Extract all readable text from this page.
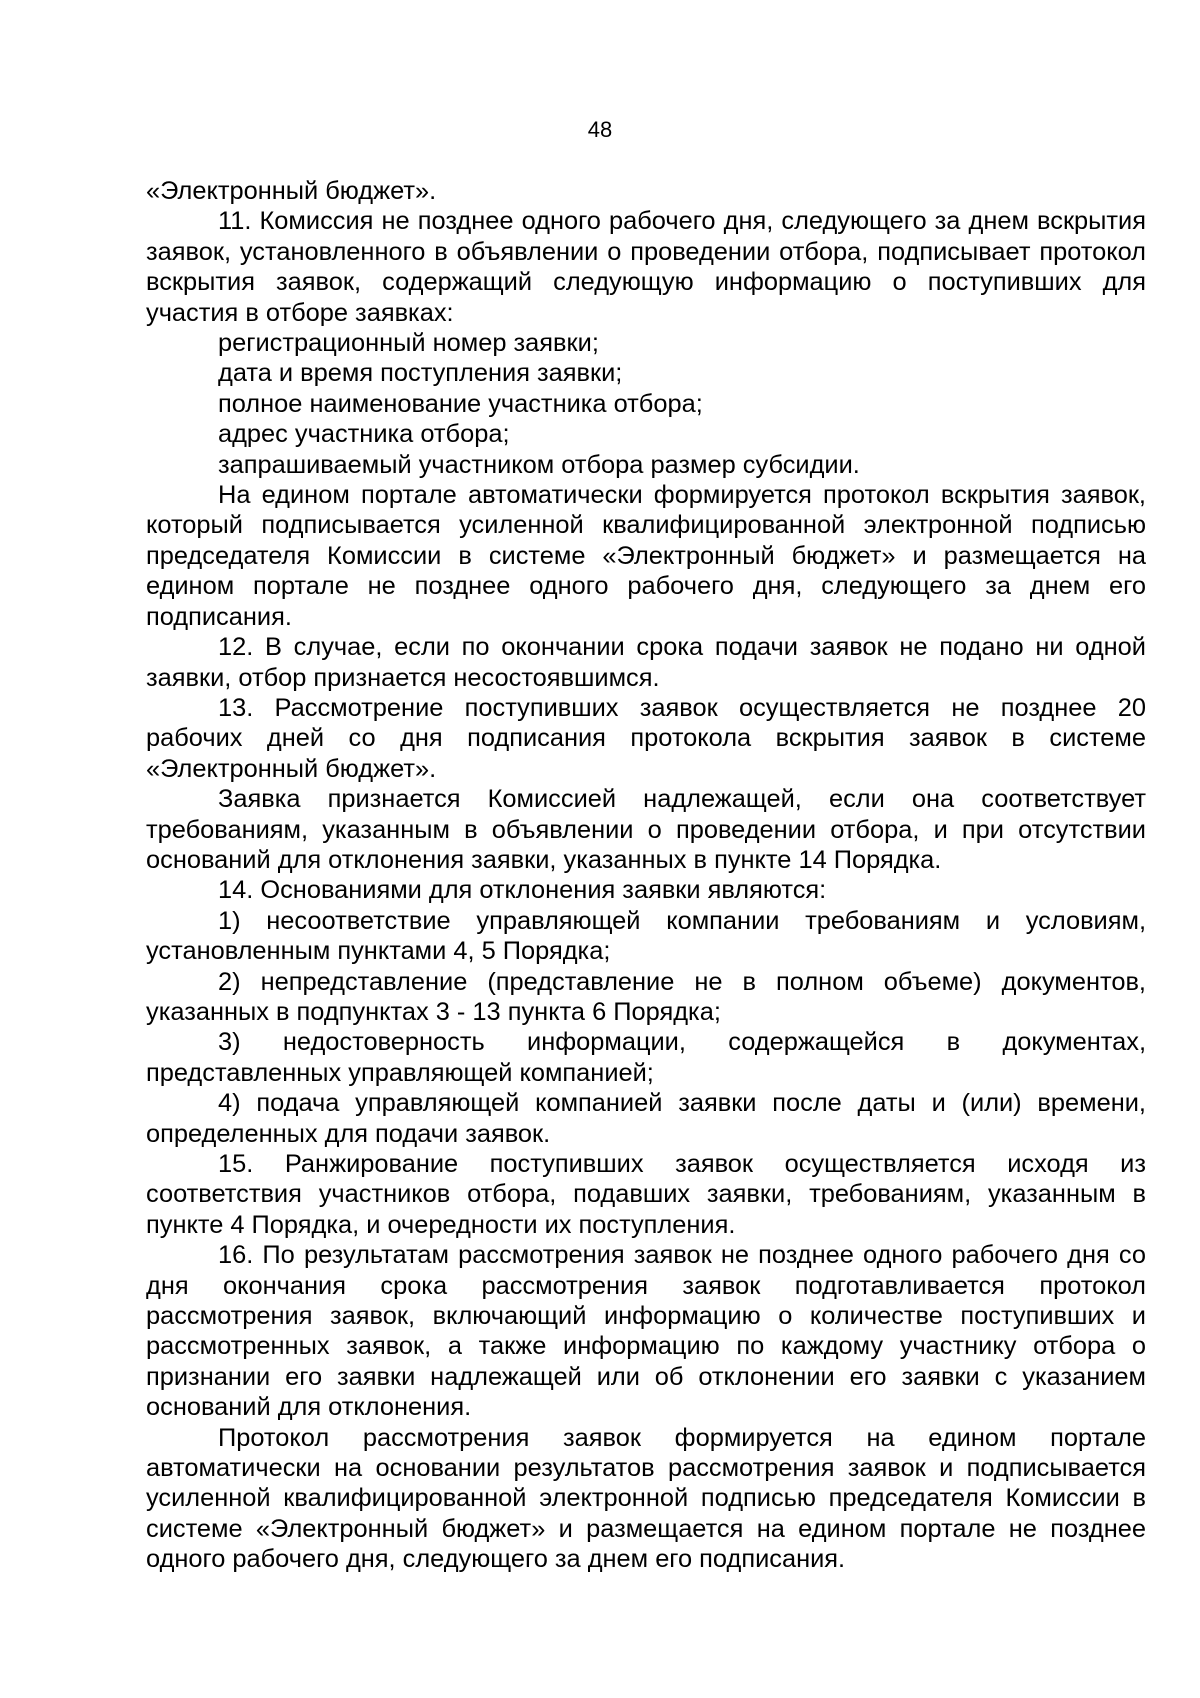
48

«Электронный бюджет».

11. Комиссия не позднее одного рабочего дня, следующего за днем вскрытия заявок, установленного в объявлении о проведении отбора, подписывает протокол вскрытия заявок, содержащий следующую информацию о поступивших для участия в отборе заявках:

регистрационный номер заявки;

дата и время поступления заявки;

полное наименование участника отбора;

адрес участника отбора;

запрашиваемый участником отбора размер субсидии.

На едином портале автоматически формируется протокол вскрытия заявок, который подписывается усиленной квалифицированной электронной подписью председателя Комиссии в системе «Электронный бюджет» и размещается на едином портале не позднее одного рабочего дня, следующего за днем его подписания.

12. В случае, если по окончании срока подачи заявок не подано ни одной заявки, отбор признается несостоявшимся.

13. Рассмотрение поступивших заявок осуществляется не позднее 20 рабочих дней со дня подписания протокола вскрытия заявок в системе «Электронный бюджет».

Заявка признается Комиссией надлежащей, если она соответствует требованиям, указанным в объявлении о проведении отбора, и при отсутствии оснований для отклонения заявки, указанных в пункте 14 Порядка.

14. Основаниями для отклонения заявки являются:

1) несоответствие управляющей компании требованиям и условиям, установленным пунктами 4, 5 Порядка;

2) непредставление (представление не в полном объеме) документов, указанных в подпунктах 3 - 13 пункта 6 Порядка;

3) недостоверность информации, содержащейся в документах, представленных управляющей компанией;

4) подача управляющей компанией заявки после даты и (или) времени, определенных для подачи заявок.

15. Ранжирование поступивших заявок осуществляется исходя из соответствия участников отбора, подавших заявки, требованиям, указанным в пункте 4 Порядка, и очередности их поступления.

16. По результатам рассмотрения заявок не позднее одного рабочего дня со дня окончания срока рассмотрения заявок подготавливается протокол рассмотрения заявок, включающий информацию о количестве поступивших и рассмотренных заявок, а также информацию по каждому участнику отбора о признании его заявки надлежащей или об отклонении его заявки с указанием оснований для отклонения.

Протокол рассмотрения заявок формируется на едином портале автоматически на основании результатов рассмотрения заявок и подписывается усиленной квалифицированной электронной подписью председателя Комиссии в системе «Электронный бюджет» и размещается на едином портале не позднее одного рабочего дня, следующего за днем его подписания.
